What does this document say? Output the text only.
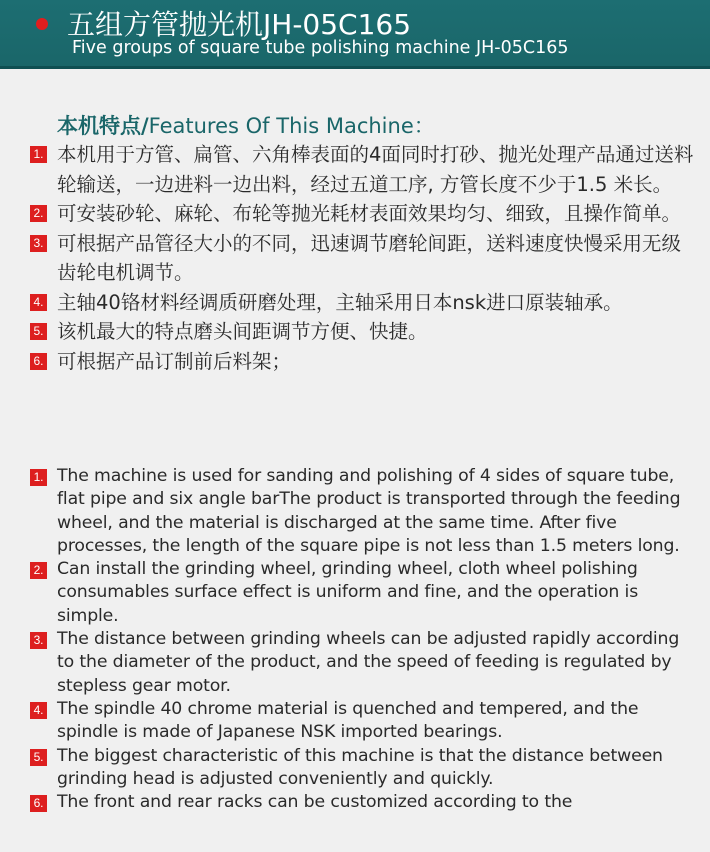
五组方管抛光机JH-05C165
Five groups of square tube polishing machine JH-05C165
本机特点/Features Of This Machine：
1. 本机用于方管、扁管、六角棒表面的4面同时打砂、抛光处理产品通过送料轮输送，一边进料一边出料，经过五道工序, 方管长度不少于1.5 米长。
2. 可安装砂轮、麻轮、布轮等抛光耗材表面效果均匀、细致，且操作简单。
3. 可根据产品管径大小的不同，迅速调节磨轮间距，送料速度快慢采用无级齿轮电机调节。
4. 主轴40铬材料经调质研磨处理，主轴采用日本nsk进口原装轴承。
5. 该机最大的特点磨头间距调节方便、快捷。
6. 可根据产品订制前后料架；
1. The machine is used for sanding and polishing of 4 sides of square tube, flat pipe and six angle barThe product is transported through the feeding wheel, and the material is discharged at the same time. After five processes, the length of the square pipe is not less than 1.5 meters long.
2. Can install the grinding wheel, grinding wheel, cloth wheel polishing consumables surface effect is uniform and fine, and the operation is simple.
3. The distance between grinding wheels can be adjusted rapidly according to the diameter of the product, and the speed of feeding is regulated by stepless gear motor.
4. The spindle 40 chrome material is quenched and tempered, and the spindle is made of Japanese NSK imported bearings.
5. The biggest characteristic of this machine is that the distance between grinding head is adjusted conveniently and quickly.
6. The front and rear racks can be customized according to the
